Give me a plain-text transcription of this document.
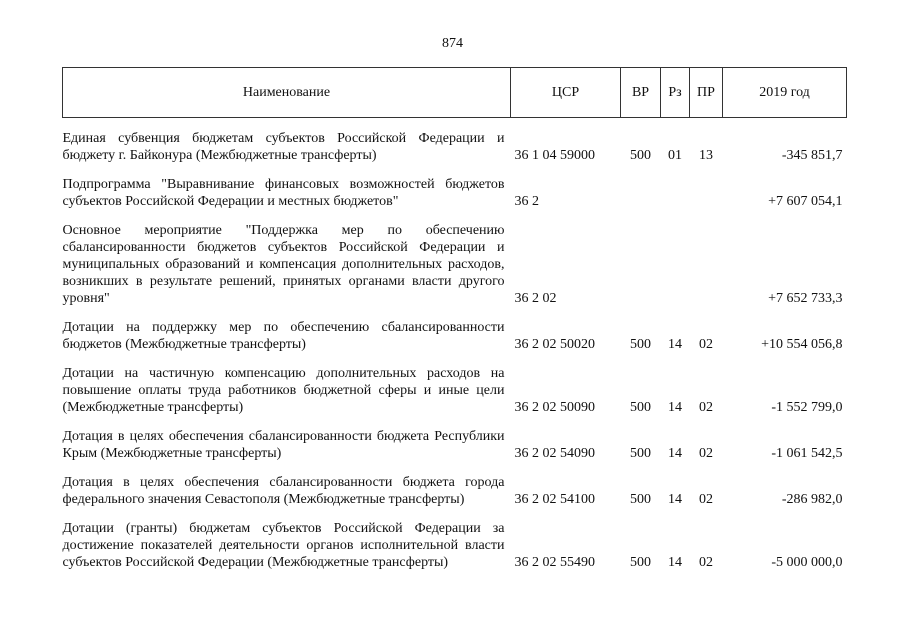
874
Наименование	ЦСР	ВР	Рз	ПР	2019 год
Единая субвенция бюджетам субъектов Российской Федерации и бюджету г. Байконура (Межбюджетные трансферты)	36 1 04 59000	500	01	13	-345 851,7
Подпрограмма "Выравнивание финансовых возможностей бюджетов субъектов Российской Федерации и местных бюджетов"	36 2				+7 607 054,1
Основное мероприятие "Поддержка мер по обеспечению сбалансированности бюджетов субъектов Российской Федерации и муниципальных образований и компенсация дополнительных расходов, возникших в результате решений, принятых органами власти другого уровня"	36 2 02				+7 652 733,3
Дотации на поддержку мер по обеспечению сбалансированности бюджетов (Межбюджетные трансферты)	36 2 02 50020	500	14	02	+10 554 056,8
Дотации на частичную компенсацию дополнительных расходов на повышение оплаты труда работников бюджетной сферы и иные цели (Межбюджетные трансферты)	36 2 02 50090	500	14	02	-1 552 799,0
Дотация в целях обеспечения сбалансированности бюджета Республики Крым (Межбюджетные трансферты)	36 2 02 54090	500	14	02	-1 061 542,5
Дотация в целях обеспечения сбалансированности бюджета города федерального значения Севастополя (Межбюджетные трансферты)	36 2 02 54100	500	14	02	-286 982,0
Дотации (гранты) бюджетам субъектов Российской Федерации за достижение показателей деятельности органов исполнительной власти субъектов Российской Федерации (Межбюджетные трансферты)	36 2 02 55490	500	14	02	-5 000 000,0
